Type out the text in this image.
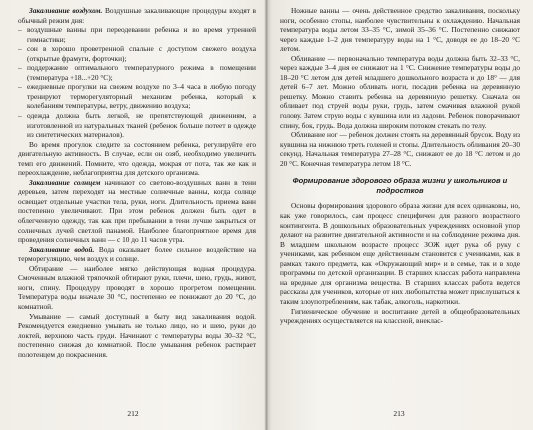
Закаливание воздухом. Воздушные закаливающие процедуры входят в обычный режим дня:

– воздушные ванны при переодевании ребенка и во время утренней гимнастики;
– сон в хорошо проветренной спальне с доступом свежего воздуха (открытые фрамуги, форточки);
– поддержание оптимального температурного режима в помещении (температура +18...+20 °С);
– ежедневные прогулки на свежем воздухе по 3–4 часа в любую погоду тренируют терморегуляторный механизм ребенка, который к колебаниям температуры, ветру, движению воздуха;
– одежда должна быть легкой, не препятствующей движениям, а изготовленной из натуральных тканей (ребенок больше потеет в одежде из синтетических материалов).

Во время прогулок следите за состоянием ребенка, регулируйте его двигательную активность. В случае, если он озяб, необходимо увеличить темп его движений. Помните, что одежда, мокрая от пота, так же как и переохлаждение, неблагоприятна для детского организма.

Закаливание солнцем начинают со светово-воздушных ванн в тени деревьев, затем переходят на местные солнечные ванны, когда солнце освещает отдельные участки тела, руки, ноги. Длительность приема ванн постепенно увеличивают. При этом ребенок должен быть одет в облегченную одежду, так как при пребывании в тени лучше закрыться от солнечных лучей светлой панамой. Наиболее благоприятное время для проведения солнечных ванн — с 10 до 11 часов утра.

Закаливание водой. Вода оказывает более сильное воздействие на терморегуляцию, чем воздух и солнце.

Обтирание — наиболее мягко действующая водная процедура. Смоченным влажной тряпочкой обтирают руки, плечи, шею, грудь, живот, ноги, спину. Процедуру проводят в хорошо прогретом помещении. Температура воды вначале 30 °С, постепенно ее понижают до 20 °С, до комнатной.

Умывание — самый доступный в быту вид закаливания водой. Рекомендуется ежедневно умывать не только лицо, но и шею, руки до локтей, верхнюю часть груди. Начинают с температуры воды 30–32 °С, постепенно снижая до комнатной. После умывания ребенок растирает полотенцем до покраснения.

212

Ножные ванны — очень действенное средство закаливания, поскольку ноги, особенно стопы, наиболее чувствительны к охлаждению. Начальная температура воды летом 33–35 °С, зимой 35–36 °С. Постепенно снижают через каждые 1–2 дня температуру воды на 1 °С, доводя ее до 18–20 °С летом.

Обливание — первоначально температура воды должна быть 32–33 °С, через каждые 3–4 дня ее снижают на 1 °С. Снижение температуры воды до 18–20 °С летом для детей младшего дошкольного возраста и до 18° — для детей 6–7 лет. Можно обливать ноги, посадив ребенка на деревянную решетку. Можно ставить ребенка на деревянную решетку. Сначала он обливает под струей воды руки, грудь, затем смачивая влажной рукой голову. Затем струю воды с кувшина или из ладони. Ребенок поворачивают спину, бок, грудь. Вода должна широким потоком стекать по телу.

Обливание ног — ребенок должен стоять на деревянный брусок. Воду из кувшина на нижнюю треть голеней и стопы. Длительность обливания 20–30 секунд. Начальная температура 27–28 °С, снижают ее до 18 °С летом и до 20 °С. Конечная температура летом 18 °С.

Формирование здорового образа жизни у школьников и подростков

Основы формирования здорового образа жизни для всех одинаковы, но, как уже говорилось, сам процесс специфичен для разного возрастного контингента. В дошкольных образовательных учреждениях основной упор делают на развитие двигательной активности и на соблюдение режима дня. В младшем школьном возрасте процесс ЗОЖ идет рука об руку с учениками, как ребенком еще действенным становится с учениками, как в рамках такого предмета, как «Окружающий мир» и в семье, так и в ходе программы по детской организации. В старших классах работа направлена на вредные для организма вещества. В старших классах работа ведется рассказы для учеников, которые от них любопытства может прислушаться к таким злоупотреблениям, как табак, алкоголь, наркотики.

Гигиеническое обучение и воспитание детей в общеобразовательных учреждениях осуществляется на классной, внеклас-

213
